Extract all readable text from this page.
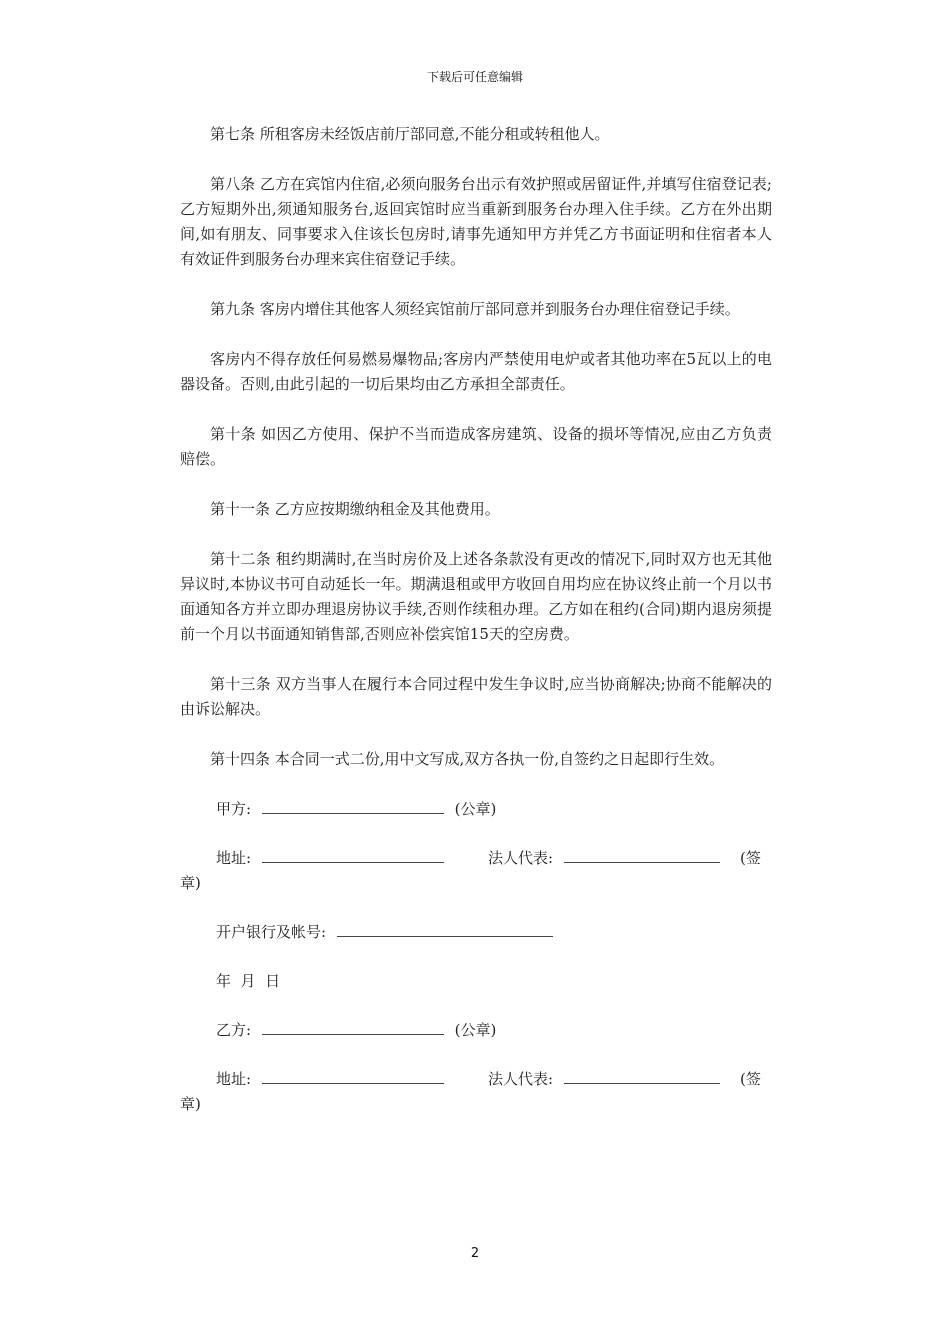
下载后可任意编辑

第七条 所租客房未经饭店前厅部同意,不能分租或转租他人。

第八条 乙方在宾馆内住宿,必须向服务台出示有效护照或居留证件,并填写住宿登记表;乙方短期外出,须通知服务台,返回宾馆时应当重新到服务台办理入住手续。乙方在外出期间,如有朋友、同事要求入住该长包房时,请事先通知甲方并凭乙方书面证明和住宿者本人有效证件到服务台办理来宾住宿登记手续。

第九条 客房内增住其他客人须经宾馆前厅部同意并到服务台办理住宿登记手续。

客房内不得存放任何易燃易爆物品;客房内严禁使用电炉或者其他功率在5瓦以上的电器设备。否则,由此引起的一切后果均由乙方承担全部责任。

第十条 如因乙方使用、保护不当而造成客房建筑、设备的损坏等情况,应由乙方负责赔偿。

第十一条 乙方应按期缴纳租金及其他费用。

第十二条 租约期满时,在当时房价及上述各条款没有更改的情况下,同时双方也无其他异议时,本协议书可自动延长一年。期满退租或甲方收回自用均应在协议终止前一个月以书面通知各方并立即办理退房协议手续,否则作续租办理。乙方如在租约(合同)期内退房须提前一个月以书面通知销售部,否则应补偿宾馆15天的空房费。

第十三条 双方当事人在履行本合同过程中发生争议时,应当协商解决;协商不能解决的由诉讼解决。

第十四条 本合同一式二份,用中文写成,双方各执一份,自签约之日起即行生效。

甲方:	(公章)
地址:	法人代表:	(签
章)
开户银行及帐号:
年  月  日
乙方:	(公章)
地址:	法人代表:	(签
章)
2
